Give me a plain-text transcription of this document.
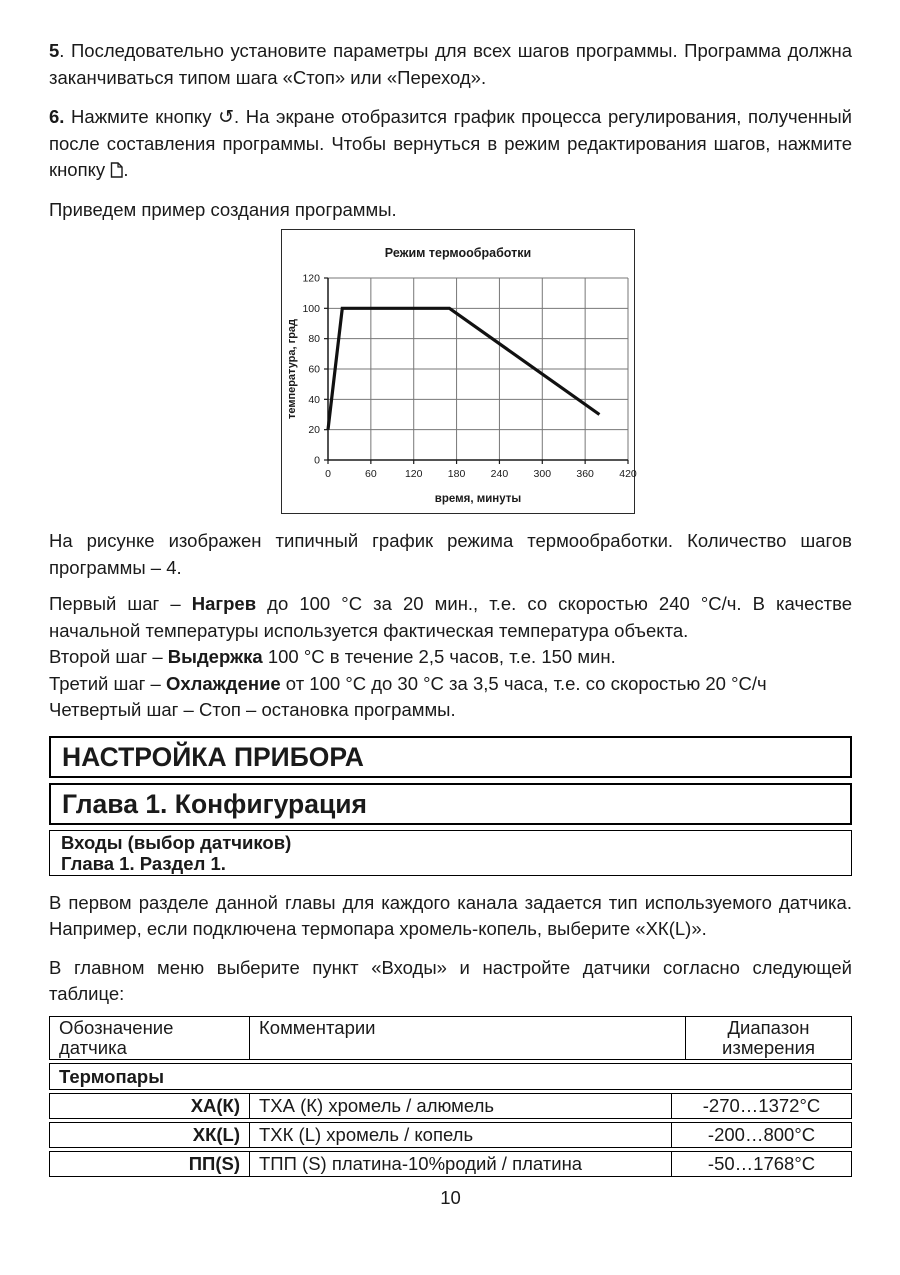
5. Последовательно установите параметры для всех шагов программы. Программа должна заканчиваться типом шага «Стоп» или «Переход».

6. Нажмите кнопку ↺. На экране отобразится график процесса регулирования, полученный после составления программы. Чтобы вернуться в режим редактирования шагов, нажмите кнопку .

Приведем пример создания программы.

Режим термообработки
0	60	120 180 240 300 360 420
0
20
40
60
80
100
120
время, минуты
температура, град

На рисунке изображен типичный график режима термообработки. Количество шагов программы – 4.

Первый шаг – Нагрев до 100 °С за 20 мин., т.е. со скоростью 240 °С/ч. В качестве начальной температуры используется фактическая температура объекта.

Второй шаг – Выдержка 100 °С в течение 2,5 часов, т.е. 150 мин.

Третий шаг – Охлаждение от 100 °С до 30 °С за 3,5 часа, т.е. со скоростью 20 °С/ч

Четвертый шаг – Стоп – остановка программы.

НАСТРОЙКА ПРИБОРА
Глава 1. Конфигурация
Входы (выбор датчиков)
Глава 1. Раздел 1.

В первом разделе данной главы для каждого канала задается тип используемого датчика. Например, если подключена термопара хромель-копель, выберите «ХК(L)».

В главном меню выберите пункт «Входы» и настройте датчики согласно следующей таблице:

Обозначение датчика
Комментарии	Диапазон измерения
Термопары
ХА(К)	ТХА (К) хромель / алюмель	-270…1372°С
ХК(L)	ТХК (L) хромель / копель	-200…800°С
ПП(S)	ТПП (S) платина-10%родий / платина	-50…1768°С
10
